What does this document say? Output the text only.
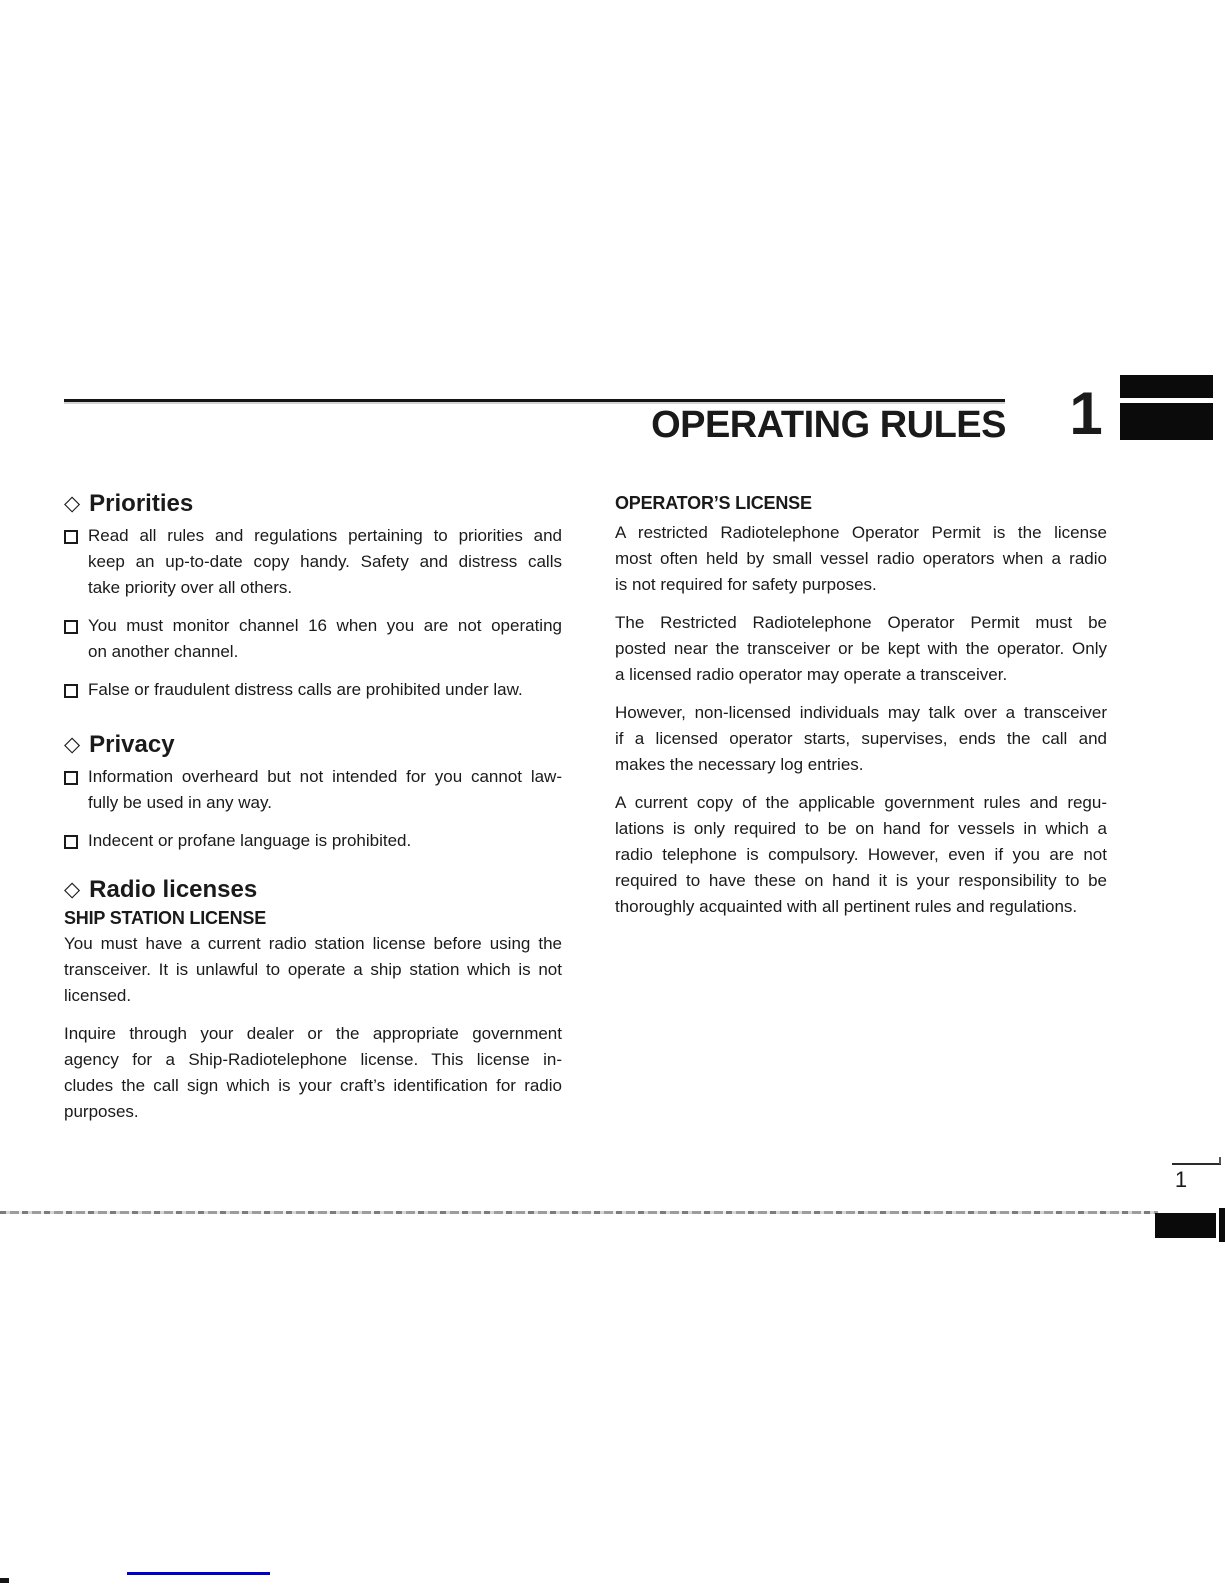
OPERATING RULES 1
◇ Priorities
Read all rules and regulations pertaining to priorities and
keep an up-to-date copy handy. Safety and distress calls
take priority over all others.
You must monitor channel 16 when you are not operating
on another channel.
False or fraudulent distress calls are prohibited under law.
◇ Privacy
Information overheard but not intended for you cannot law-
fully be used in any way.
Indecent or profane language is prohibited.
◇ Radio licenses
SHIP STATION LICENSE
You must have a current radio station license before using the
transceiver. It is unlawful to operate a ship station which is not
licensed.
Inquire through your dealer or the appropriate government
agency for a Ship-Radiotelephone license. This license in-
cludes the call sign which is your craft’s identification for radio
purposes.
OPERATOR’S LICENSE
A restricted Radiotelephone Operator Permit is the license
most often held by small vessel radio operators when a radio
is not required for safety purposes.
The Restricted Radiotelephone Operator Permit must be
posted near the transceiver or be kept with the operator. Only
a licensed radio operator may operate a transceiver.
However, non-licensed individuals may talk over a transceiver
if a licensed operator starts, supervises, ends the call and
makes the necessary log entries.
A current copy of the applicable government rules and regu-
lations is only required to be on hand for vessels in which a
radio telephone is compulsory. However, even if you are not
required to have these on hand it is your responsibility to be
thoroughly acquainted with all pertinent rules and regulations.
1
